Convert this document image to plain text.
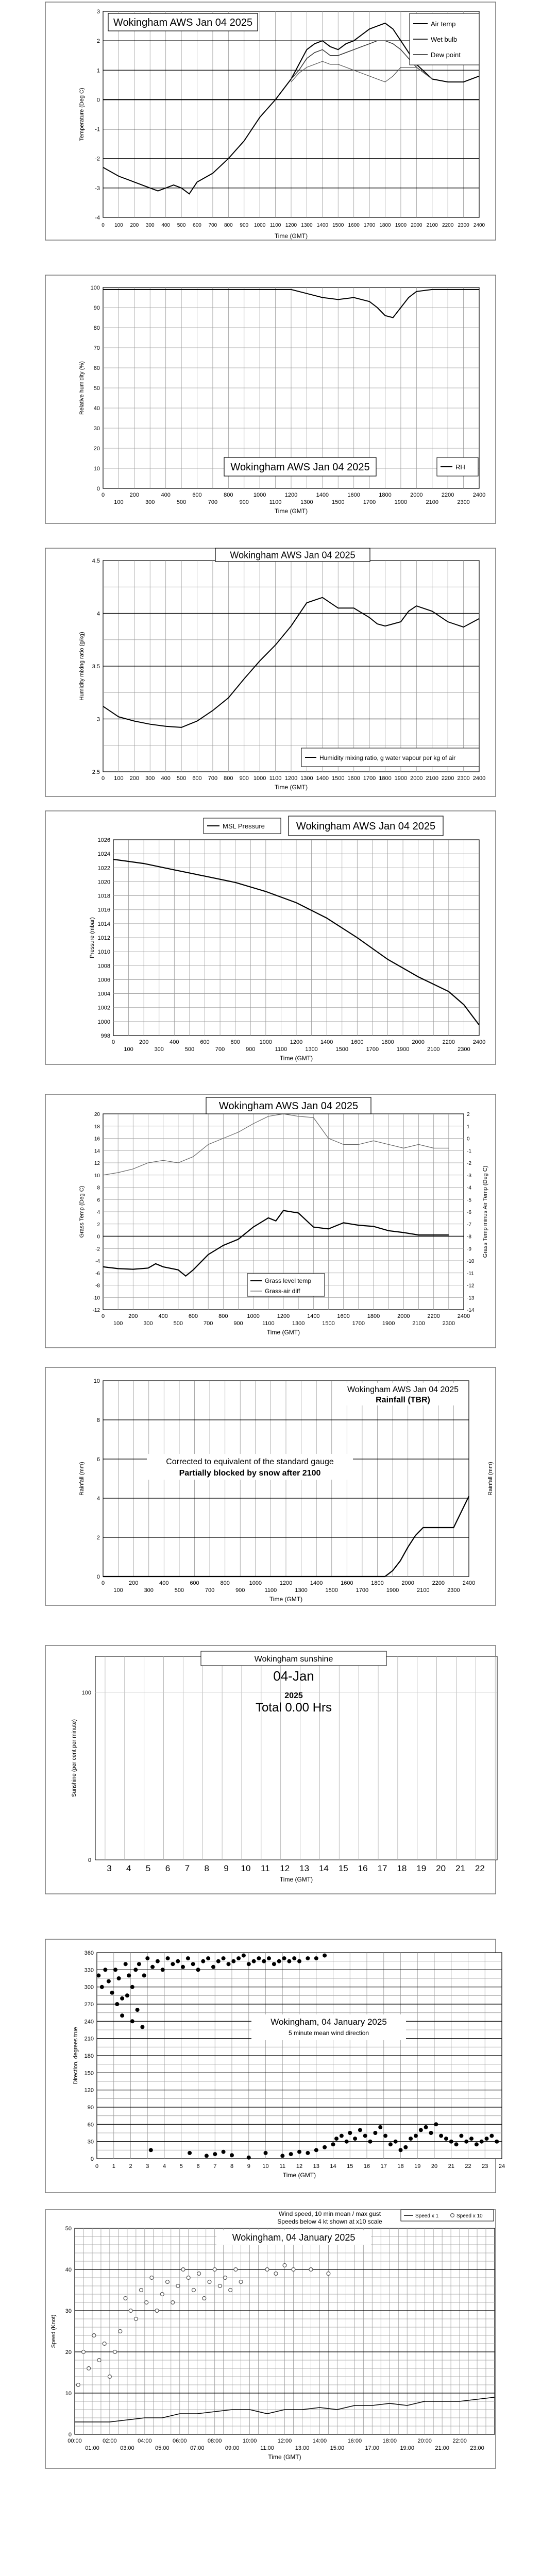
-4
-3
-2
-1
0
1
2
3
0 100 200 300 400 500 600 700 800 900 1000 1100 1200 1300 1400 1500 1600 1700 1800 1900 2000 2100 2200 2300 2400
Time (GMT)
Temperature (Deg C)
Wokingham AWS Jan 04 2025	Air temp
Wet bulb
Dew point
0
10
20
30
40
50
60
70
80
90
100
0	200	400	600	800	1000	1200	1400	1600	1800	2000	2200	2400
100	300	500	700	900	1100	1300	1500	1700	1900	2100	2300
Time (GMT)
Relative humidity (%)
Wokingham AWS Jan 04 2025	RH
2.5
3
3.5
4
4.5
0	200	400	600	800	1000	1200	1400	1600	1800	2000	2200	2400
100	300	500	700	900	1100	1300	1500	1700	1900	2100	2300
Time (GMT)
Humidity mixing ratio (g/kg)
Wokingham AWS Jan 04 2025
Humidity mixing ratio, g water vapour per kg of air
998
1000
1002
1004
1006
1008
1010
1012
1014
1016
1018
1020
1022
1024
1026
0	200	400	600	800	1000	1200	1400	1600	1800	2000	2200	2400
100	300	500	700	900	1100	1300	1500	1700	1900	2100	2300
Time (GMT)
Pressure (mbar)
MSL Pressure	Wokingham AWS Jan 04 2025
-12
-10
-8
-6
-4
-2
0
2
4
6
8
10
12
14
16
18
20
-14
-13
-12
-11
-10
-9
-8
-7
-6
-5
-4
-3
-2
-1
0
1
2
0	200	400	600	800	1000	1200	1400	1600	1800	2000	2200	2400
100	300	500	700	900	1100	1300	1500	1700	1900	2100	2300
Time (GMT)
Grass Temp (Deg C)	Grass Temp minus Air Temp (Deg C)
Wokingham AWS Jan 04 2025
Grass level temp
Grass-air diff
0
2
4
6
8
10
0	200	400	600	800	1000	1200	1400	1600	1800	2000	2200	2400
100	300	500	700	900	1100	1300	1500	1700	1900	2100	2300
Time (GMT)
Rainfall (mm)	Rainfall (mm)
Wokingham AWS Jan 04 2025
Rainfall (TBR)
Corrected to equivalent of the standard gauge
Partially blocked by snow after 2100
3 4 5 6 7 8 9 10 11 12 13 14 15 16 17 18 19 20 21 22
0
100
Time (GMT)
Sunshine (per cent per minute)
Wokingham sunshine
04-Jan
2025
Total 0.00 Hrs
0
30
60
90
120
150
180
210
240
270
300
330
360
0 1 2 3 4 5 6 7 8 9 10 11 12 13 14 15 16 17 18 19 20 21 22 23 24
Time (GMT)
Direction, degrees true
Wokingham, 04 January 2025
5 minute mean wind direction
0
10
20
30
40
50
00:00	02:00	04:00	06:00	08:00	10:00	12:00	14:00	16:00	18:00	20:00	22:00
01:00	03:00	05:00	07:00	09:00	11:00	13:00	15:00	17:00	19:00	21:00	23:00
Time (GMT)
Speed (Knot)
Wind speed, 10 min mean / max gust
Speeds below 4 kt shown at x10 scale
Wokingham, 04 January 2025
Speed x 1	Speed x 10
